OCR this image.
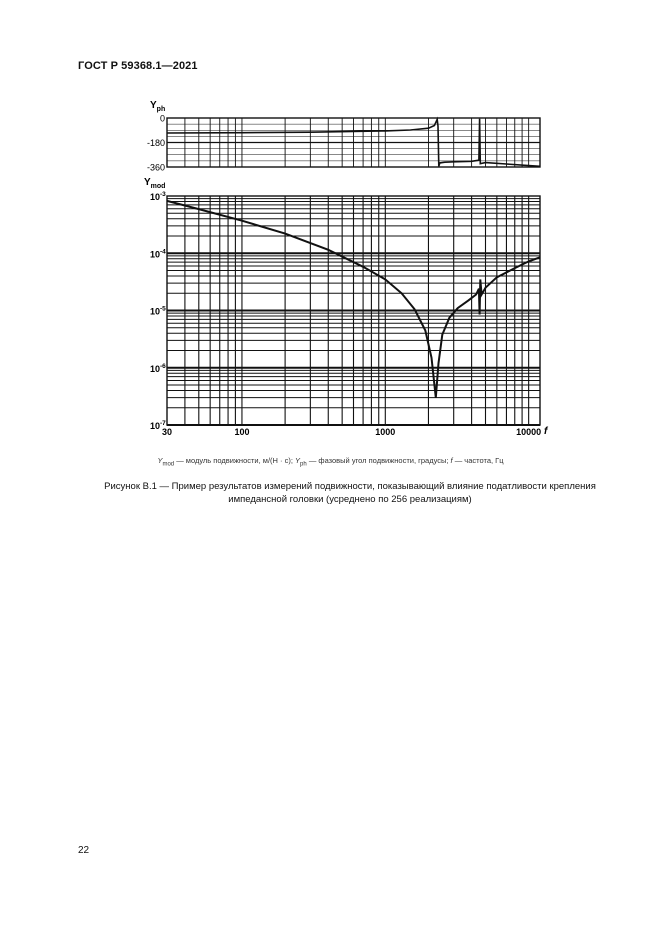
ГОСТ Р 59368.1—2021
0
-180
-360
$Y_{ph}$
$10^{-3}$
$10^{-4}$
$10^{-5}$
$10^{-6}$
$10^{-7}$
30	100	1000	10000
$Y_{mod}$
f
$Y_{mod}$ — модуль подвижности, м/(Н · с); $Y_{ph}$ — фазовый угол подвижности, градусы; f — частота, Гц
Рисунок В.1 — Пример результатов измерений подвижности, показывающий влияние податливости крепления
импедансной головки (усреднено по 256 реализациям)
22
